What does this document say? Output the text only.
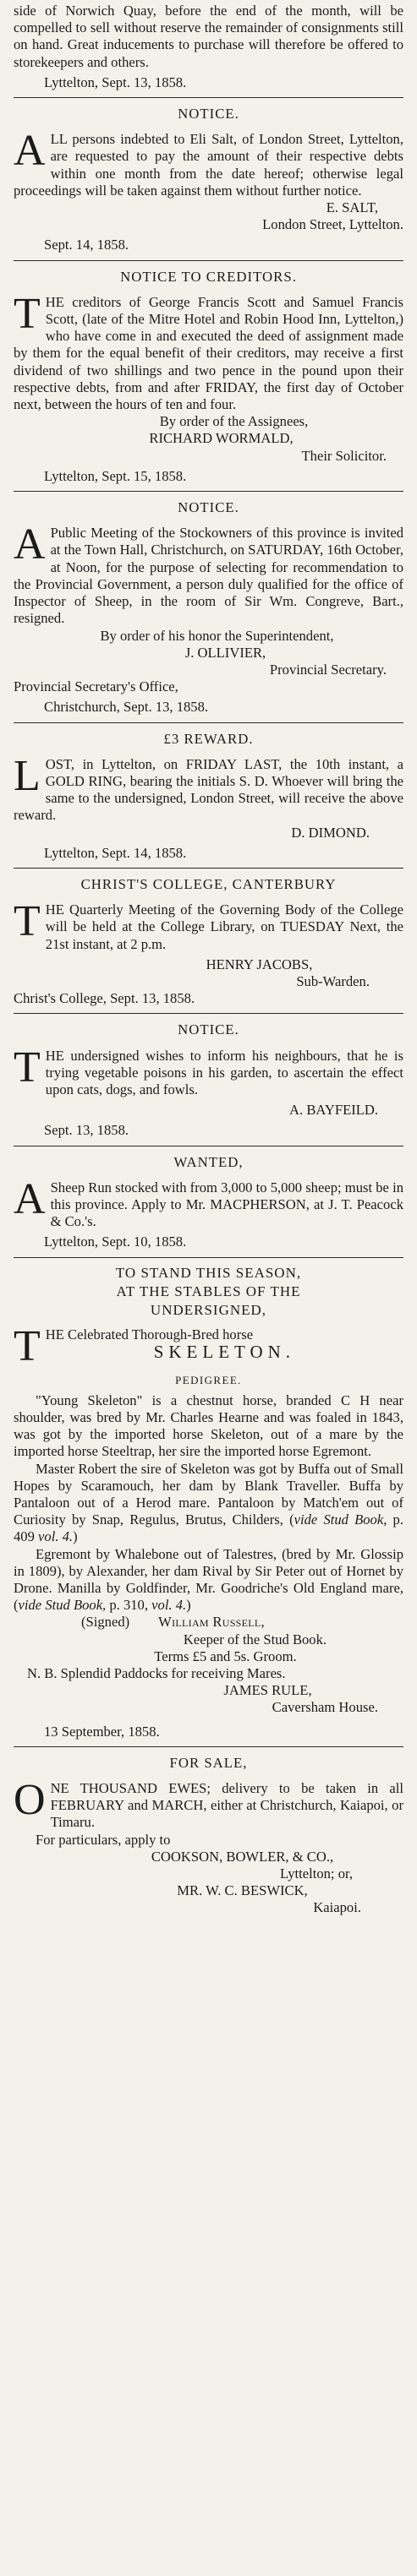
side of Norwich Quay, before the end of the month, will be compelled to sell without reserve the remainder of consignments still on hand. Great inducements to purchase will therefore be offered to storekeepers and others.

Lyttelton, Sept. 13, 1858.

NOTICE.

ALL persons indebted to Eli Salt, of London Street, Lyttelton, are requested to pay the amount of their respective debts within one month from the date hereof; otherwise legal proceedings will be taken against them without further notice.

E. SALT,

London Street, Lyttelton.

Sept. 14, 1858.

NOTICE TO CREDITORS.

THE creditors of George Francis Scott and Samuel Francis Scott, (late of the Mitre Hotel and Robin Hood Inn, Lyttelton,) who have come in and executed the deed of assignment made by them for the equal benefit of their creditors, may receive a first dividend of two shillings and two pence in the pound upon their respective debts, from and after FRIDAY, the first day of October next, between the hours of ten and four.

By order of the Assignees,

RICHARD WORMALD,

Their Solicitor.

Lyttelton, Sept. 15, 1858.

NOTICE.

A Public Meeting of the Stockowners of this province is invited at the Town Hall, Christchurch, on SATURDAY, 16th October, at Noon, for the purpose of selecting for recommendation to the Provincial Government, a person duly qualified for the office of Inspector of Sheep, in the room of Sir Wm. Congreve, Bart., resigned.

By order of his honor the Superintendent,

J. OLLIVIER,

Provincial Secretary.

Provincial Secretary's Office,

Christchurch, Sept. 13, 1858.

£3 REWARD.

LOST, in Lyttelton, on FRIDAY LAST, the 10th instant, a GOLD RING, bearing the initials S. D. Whoever will bring the same to the undersigned, London Street, will receive the above reward.

D. DIMOND.

Lyttelton, Sept. 14, 1858.

CHRIST'S COLLEGE, CANTERBURY

THE Quarterly Meeting of the Governing Body of the College will be held at the College Library, on TUESDAY Next, the 21st instant, at 2 p.m.

HENRY JACOBS,

Sub-Warden.

Christ's College, Sept. 13, 1858.

NOTICE.

THE undersigned wishes to inform his neighbours, that he is trying vegetable poisons in his garden, to ascertain the effect upon cats, dogs, and fowls.

A. BAYFEILD.

Sept. 13, 1858.

WANTED,

A Sheep Run stocked with from 3,000 to 5,000 sheep; must be in this province. Apply to Mr. MACPHERSON, at J. T. Peacock & Co.'s.

Lyttelton, Sept. 10, 1858.

TO STAND THIS SEASON,
AT THE STABLES OF THE
UNDERSIGNED,

THE Celebrated Thorough-Bred horse

SKELETON.
PEDIGREE.

"Young Skeleton" is a chestnut horse, branded C H near shoulder, was bred by Mr. Charles Hearne and was foaled in 1843, was got by the imported horse Skeleton, out of a mare by the imported horse Steeltrap, her sire the imported horse Egremont.

Master Robert the sire of Skeleton was got by Buffa out of Small Hopes by Scaramouch, her dam by Blank Traveller. Buffa by Pantaloon out of a Herod mare. Pantaloon by Match'em out of Curiosity by Snap, Regulus, Brutus, Childers, (vide Stud Book, p. 409 vol. 4.)

Egremont by Whalebone out of Talestres, (bred by Mr. Glossip in 1809), by Alexander, her dam Rival by Sir Peter out of Hornet by Drone. Manilla by Goldfinder, Mr. Goodriche's Old England mare, (vide Stud Book, p. 310, vol. 4.)

(Signed) William Russell,

Keeper of the Stud Book.

Terms £5 and 5s. Groom.

N. B. Splendid Paddocks for receiving Mares.

JAMES RULE,

Caversham House.

13 September, 1858.

FOR SALE,

ONE THOUSAND EWES; delivery to be taken in all FEBRUARY and MARCH, either at Christchurch, Kaiapoi, or Timaru.

For particulars, apply to

COOKSON, BOWLER, & CO.,

Lyttelton; or,

MR. W. C. BESWICK,

Kaiapoi.
